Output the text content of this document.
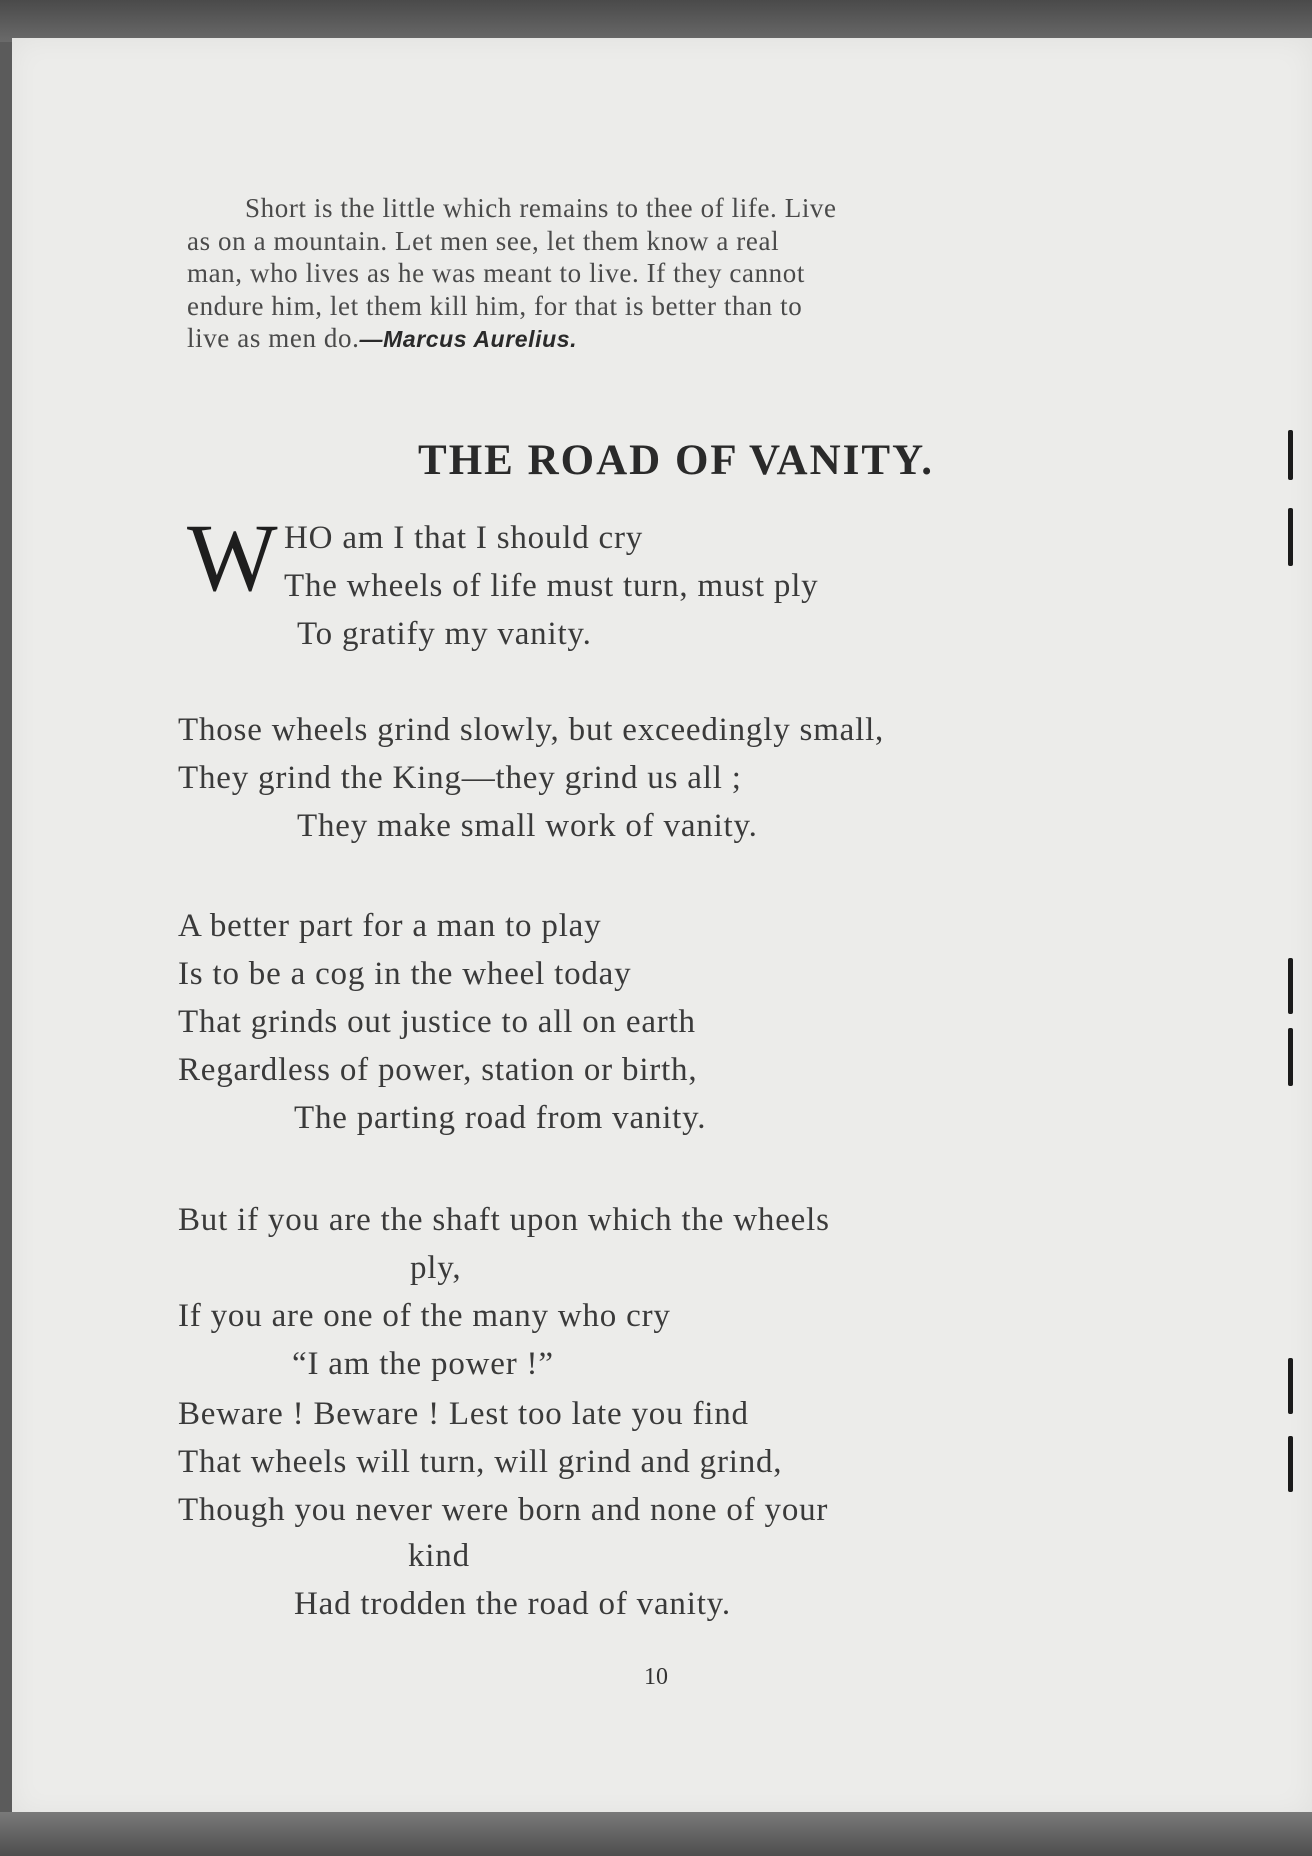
Short is the little which remains to thee of life. Live
as on a mountain. Let men see, let them know a real
man, who lives as he was meant to live. If they cannot
endure him, let them kill him, for that is better than to
live as men do.—Marcus Aurelius.
THE ROAD OF VANITY.
W HO am I that I should cry
The wheels of life must turn, must ply
To gratify my vanity.
Those wheels grind slowly, but exceedingly small,
They grind the King—they grind us all ;
They make small work of vanity.
A better part for a man to play
Is to be a cog in the wheel today
That grinds out justice to all on earth
Regardless of power, station or birth,
The parting road from vanity.
But if you are the shaft upon which the wheels
ply,
If you are one of the many who cry
“I am the power !”
Beware ! Beware ! Lest too late you find
That wheels will turn, will grind and grind,
Though you never were born and none of your
kind
Had trodden the road of vanity.
10
